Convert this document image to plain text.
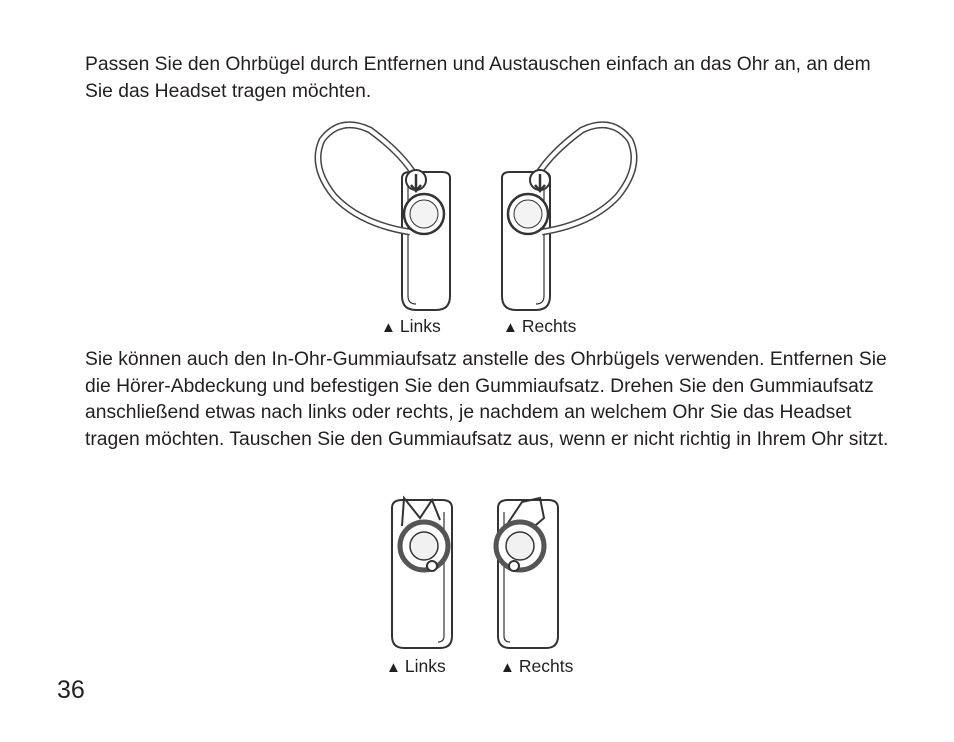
Passen Sie den Ohrbügel durch Entfernen und Austauschen einfach an das Ohr an, an dem Sie das Headset tragen möchten.

▲ Links	▲ Rechts

Sie können auch den In-Ohr-Gummiaufsatz anstelle des Ohrbügels verwenden. Entfernen Sie die Hörer-Abdeckung und befestigen Sie den Gummiaufsatz. Drehen Sie den Gummiaufsatz anschließend etwas nach links oder rechts, je nachdem an welchem Ohr Sie das Headset tragen möchten. Tauschen Sie den Gummiaufsatz aus, wenn er nicht richtig in Ihrem Ohr sitzt.

▲ Links	▲ Rechts
36
